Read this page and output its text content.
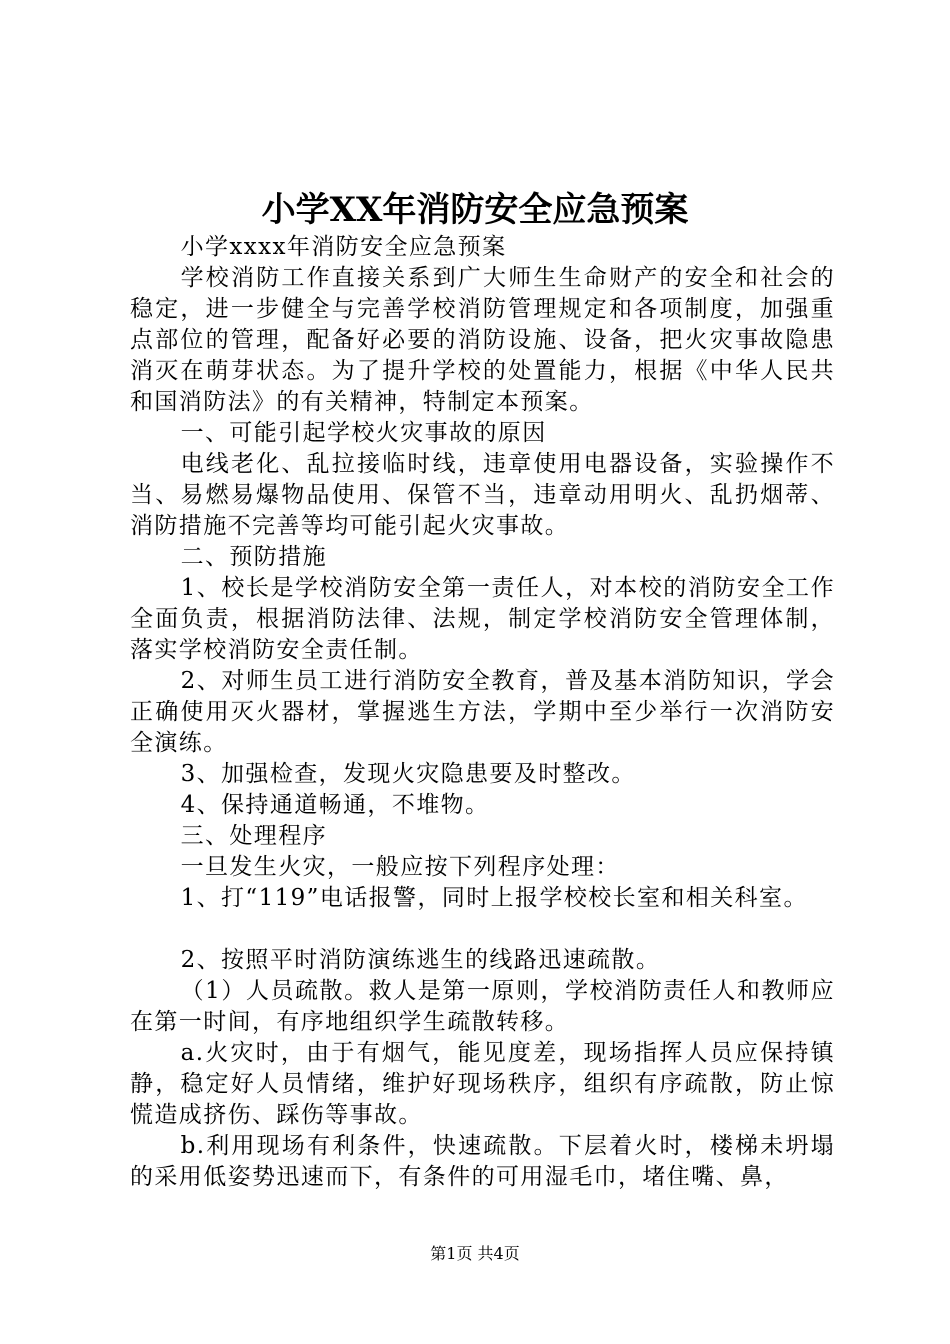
小学XX年消防安全应急预案

小学xxxx年消防安全应急预案

学校消防工作直接关系到广大师生生命财产的安全和社会的稳定，进一步健全与完善学校消防管理规定和各项制度，加强重点部位的管理，配备好必要的消防设施、设备，把火灾事故隐患消灭在萌芽状态。为了提升学校的处置能力，根据《中华人民共和国消防法》的有关精神，特制定本预案。

一、可能引起学校火灾事故的原因

电线老化、乱拉接临时线，违章使用电器设备，实验操作不当、易燃易爆物品使用、保管不当，违章动用明火、乱扔烟蒂、消防措施不完善等均可能引起火灾事故。

二、预防措施

1、校长是学校消防安全第一责任人，对本校的消防安全工作全面负责，根据消防法律、法规，制定学校消防安全管理体制，落实学校消防安全责任制。

2、对师生员工进行消防安全教育，普及基本消防知识，学会正确使用灭火器材，掌握逃生方法，学期中至少举行一次消防安全演练。

3、加强检查，发现火灾隐患要及时整改。

4、保持通道畅通，不堆物。

三、处理程序

一旦发生火灾，一般应按下列程序处理：

1、打“119”电话报警，同时上报学校校长室和相关科室。

2、按照平时消防演练逃生的线路迅速疏散。

（1）人员疏散。救人是第一原则，学校消防责任人和教师应在第一时间，有序地组织学生疏散转移。

a.火灾时，由于有烟气，能见度差，现场指挥人员应保持镇静，稳定好人员情绪，维护好现场秩序，组织有序疏散，防止惊慌造成挤伤、踩伤等事故。

b.利用现场有利条件，快速疏散。下层着火时，楼梯未坍塌的采用低姿势迅速而下，有条件的可用湿毛巾，堵住嘴、鼻，

第1页 共4页
